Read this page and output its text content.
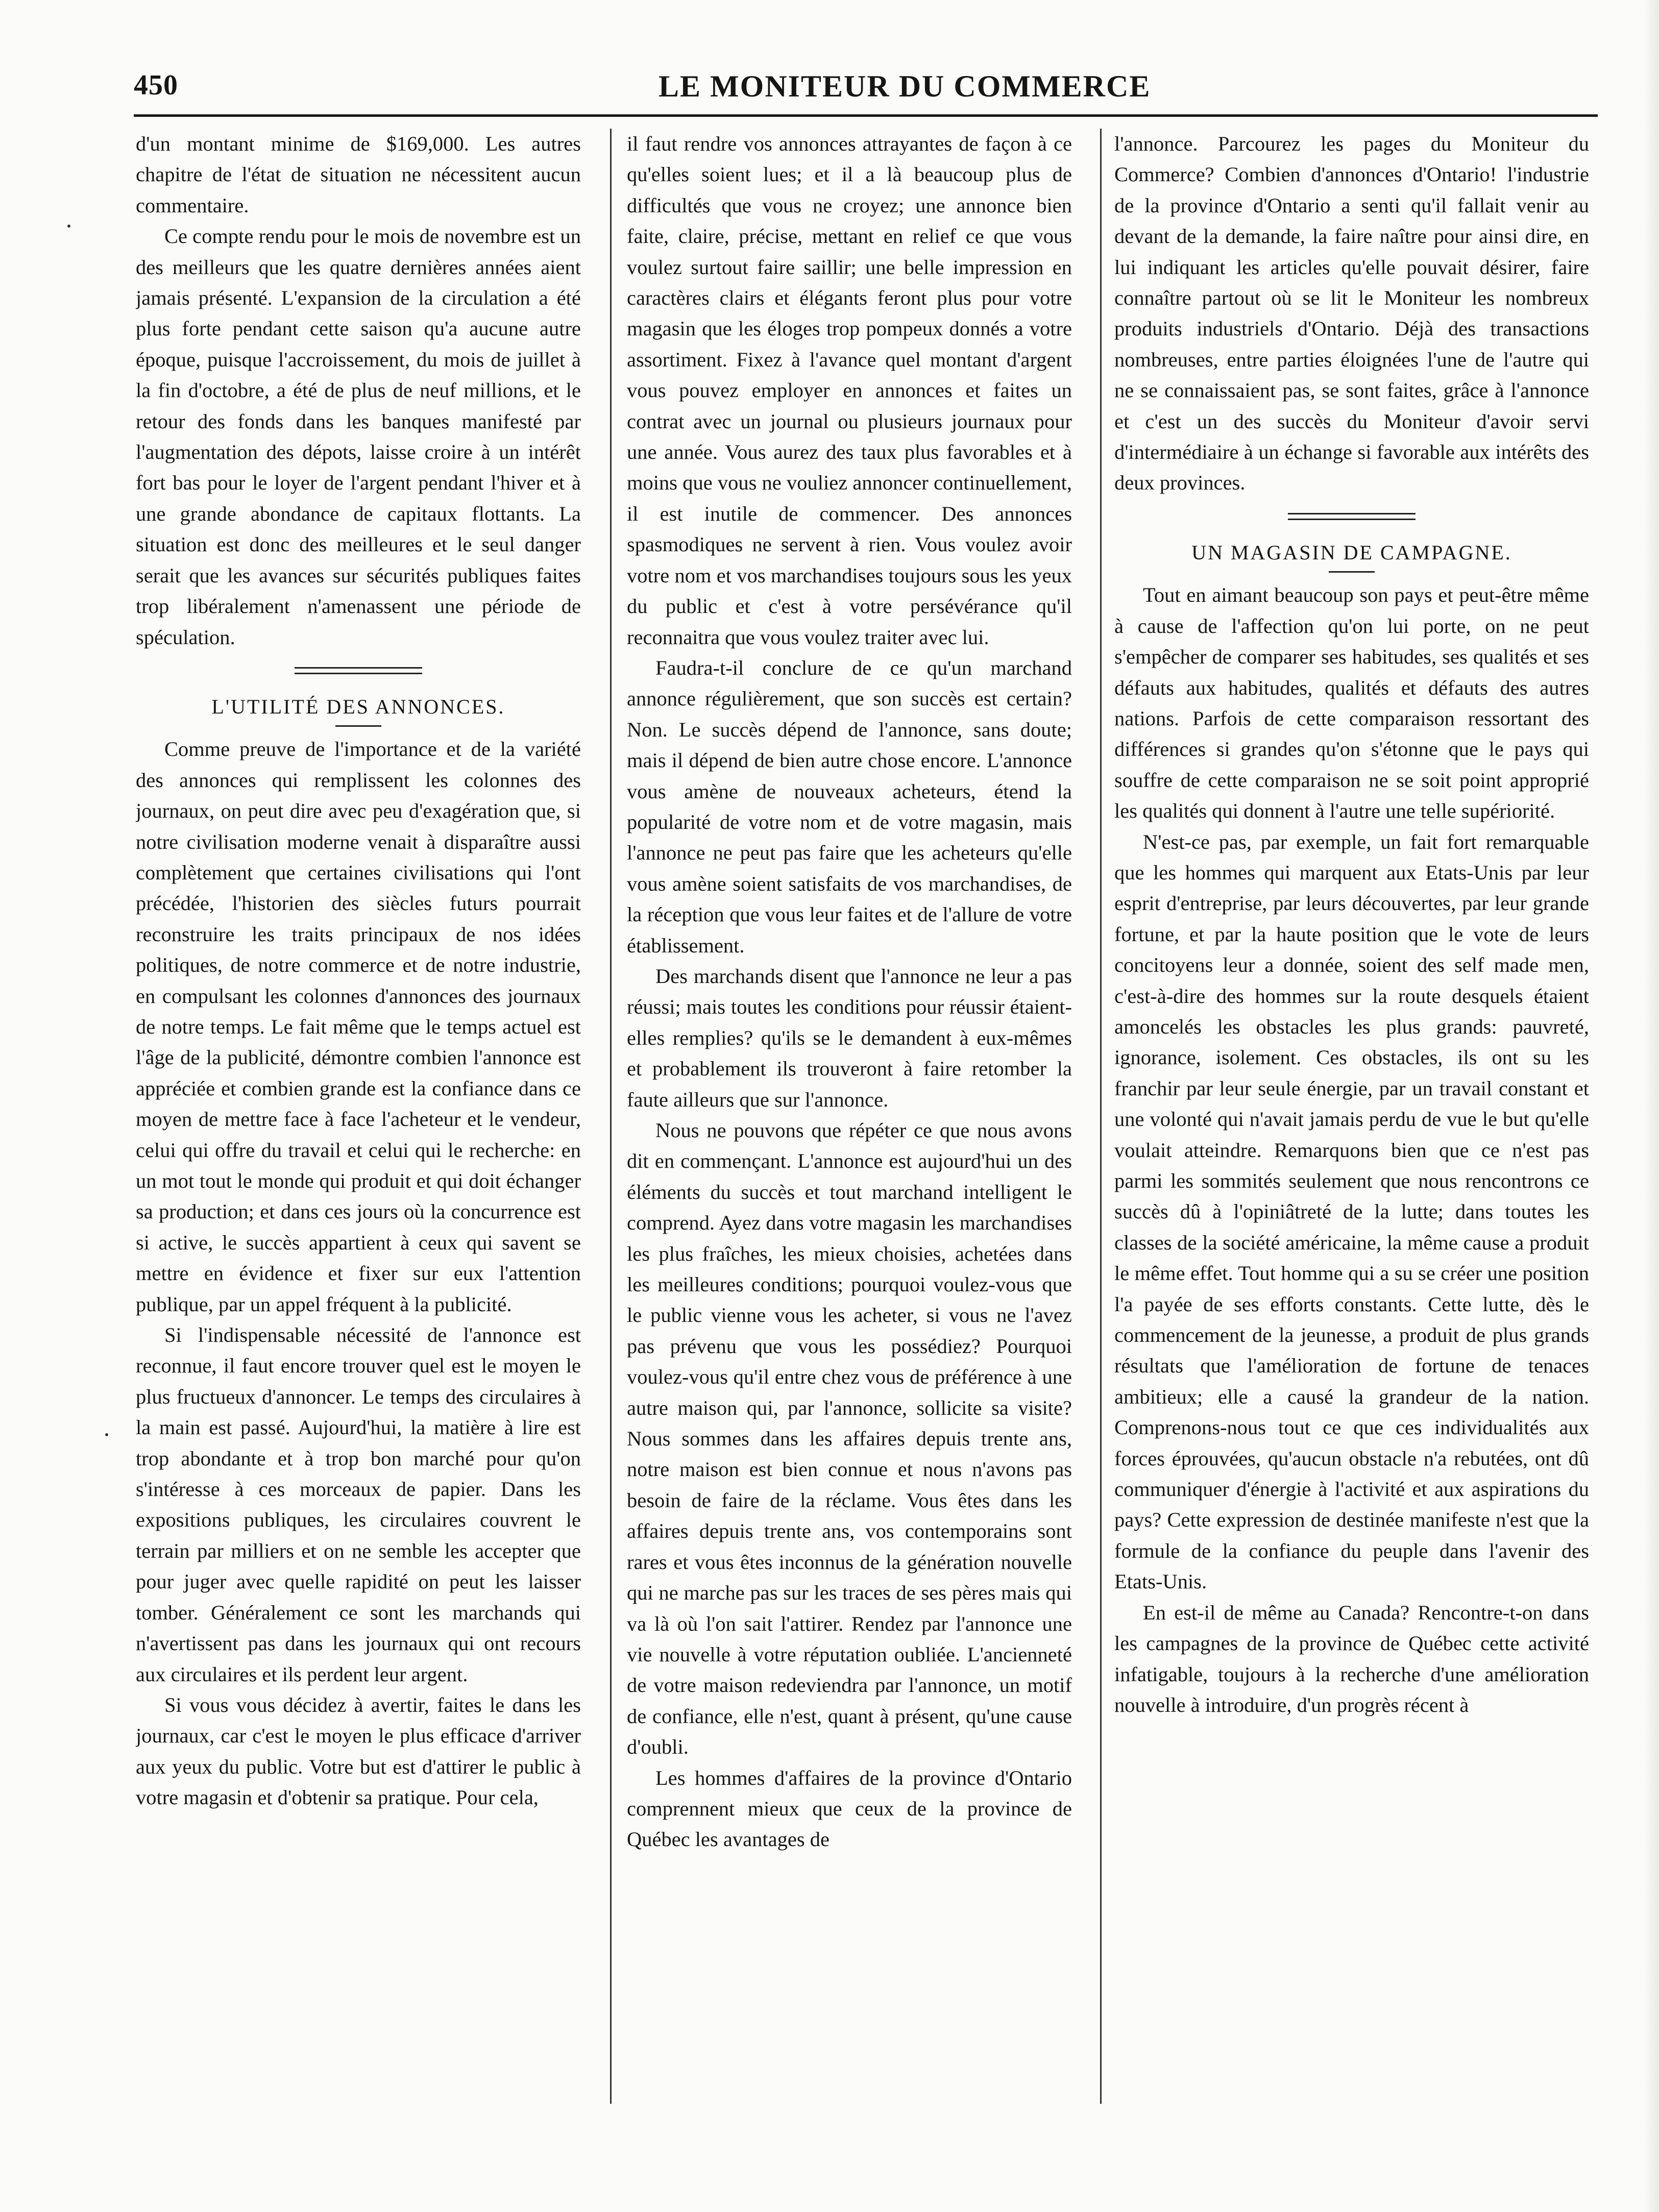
450	LE MONITEUR DU COMMERCE

d'un montant minime de $169,000. Les autres chapitre de l'état de situation ne nécessitent aucun commentaire.

Ce compte rendu pour le mois de novembre est un des meilleurs que les quatre dernières années aient jamais présenté. L'expansion de la circulation a été plus forte pendant cette saison qu'a aucune autre époque, puisque l'accroissement, du mois de juillet à la fin d'octobre, a été de plus de neuf millions, et le retour des fonds dans les banques manifesté par l'augmentation des dépots, laisse croire à un intérêt fort bas pour le loyer de l'argent pendant l'hiver et à une grande abondance de capitaux flottants. La situation est donc des meilleures et le seul danger serait que les avances sur sécurités publiques faites trop libéralement n'amenassent une période de spéculation.

L'UTILITÉ DES ANNONCES.

Comme preuve de l'importance et de la variété des annonces qui remplissent les colonnes des journaux, on peut dire avec peu d'exagération que, si notre civilisation moderne venait à disparaître aussi complètement que certaines civilisations qui l'ont précédée, l'historien des siècles futurs pourrait reconstruire les traits principaux de nos idées politiques, de notre commerce et de notre industrie, en compulsant les colonnes d'annonces des journaux de notre temps. Le fait même que le temps actuel est l'âge de la publicité, démontre combien l'annonce est appréciée et combien grande est la confiance dans ce moyen de mettre face à face l'acheteur et le vendeur, celui qui offre du travail et celui qui le recherche: en un mot tout le monde qui produit et qui doit échanger sa production; et dans ces jours où la concurrence est si active, le succès appartient à ceux qui savent se mettre en évidence et fixer sur eux l'attention publique, par un appel fréquent à la publicité.

Si l'indispensable nécessité de l'annonce est reconnue, il faut encore trouver quel est le moyen le plus fructueux d'annoncer. Le temps des circulaires à la main est passé. Aujourd'hui, la matière à lire est trop abondante et à trop bon marché pour qu'on s'intéresse à ces morceaux de papier. Dans les expositions publiques, les circulaires couvrent le terrain par milliers et on ne semble les accepter que pour juger avec quelle rapidité on peut les laisser tomber. Généralement ce sont les marchands qui n'avertissent pas dans les journaux qui ont recours aux circulaires et ils perdent leur argent.

Si vous vous décidez à avertir, faites le dans les journaux, car c'est le moyen le plus efficace d'arriver aux yeux du public. Votre but est d'attirer le public à votre magasin et d'obtenir sa pratique. Pour cela,

il faut rendre vos annonces attrayantes de façon à ce qu'elles soient lues; et il a là beaucoup plus de difficultés que vous ne croyez; une annonce bien faite, claire, précise, mettant en relief ce que vous voulez surtout faire saillir; une belle impression en caractères clairs et élégants feront plus pour votre magasin que les éloges trop pompeux donnés a votre assortiment. Fixez à l'avance quel montant d'argent vous pouvez employer en annonces et faites un contrat avec un journal ou plusieurs journaux pour une année. Vous aurez des taux plus favorables et à moins que vous ne vouliez annoncer continuellement, il est inutile de commencer. Des annonces spasmodiques ne servent à rien. Vous voulez avoir votre nom et vos marchandises toujours sous les yeux du public et c'est à votre persévérance qu'il reconnaitra que vous voulez traiter avec lui.

Faudra-t-il conclure de ce qu'un marchand annonce régulièrement, que son succès est certain? Non. Le succès dépend de l'annonce, sans doute; mais il dépend de bien autre chose encore. L'annonce vous amène de nouveaux acheteurs, étend la popularité de votre nom et de votre magasin, mais l'annonce ne peut pas faire que les acheteurs qu'elle vous amène soient satisfaits de vos marchandises, de la réception que vous leur faites et de l'allure de votre établissement.

Des marchands disent que l'annonce ne leur a pas réussi; mais toutes les conditions pour réussir étaient-elles remplies? qu'ils se le demandent à eux-mêmes et probablement ils trouveront à faire retomber la faute ailleurs que sur l'annonce.

Nous ne pouvons que répéter ce que nous avons dit en commençant. L'annonce est aujourd'hui un des éléments du succès et tout marchand intelligent le comprend. Ayez dans votre magasin les marchandises les plus fraîches, les mieux choisies, achetées dans les meilleures conditions; pourquoi voulez-vous que le public vienne vous les acheter, si vous ne l'avez pas prévenu que vous les possédiez? Pourquoi voulez-vous qu'il entre chez vous de préférence à une autre maison qui, par l'annonce, sollicite sa visite? Nous sommes dans les affaires depuis trente ans, notre maison est bien connue et nous n'avons pas besoin de faire de la réclame. Vous êtes dans les affaires depuis trente ans, vos contemporains sont rares et vous êtes inconnus de la génération nouvelle qui ne marche pas sur les traces de ses pères mais qui va là où l'on sait l'attirer. Rendez par l'annonce une vie nouvelle à votre réputation oubliée. L'ancienneté de votre maison redeviendra par l'annonce, un motif de confiance, elle n'est, quant à présent, qu'une cause d'oubli.

Les hommes d'affaires de la province d'Ontario comprennent mieux que ceux de la province de Québec les avantages de

l'annonce. Parcourez les pages du Moniteur du Commerce? Combien d'annonces d'Ontario! l'industrie de la province d'Ontario a senti qu'il fallait venir au devant de la demande, la faire naître pour ainsi dire, en lui indiquant les articles qu'elle pouvait désirer, faire connaître partout où se lit le Moniteur les nombreux produits industriels d'Ontario. Déjà des transactions nombreuses, entre parties éloignées l'une de l'autre qui ne se connaissaient pas, se sont faites, grâce à l'annonce et c'est un des succès du Moniteur d'avoir servi d'intermédiaire à un échange si favorable aux intérêts des deux provinces.

UN MAGASIN DE CAMPAGNE.

Tout en aimant beaucoup son pays et peut-être même à cause de l'affection qu'on lui porte, on ne peut s'empêcher de comparer ses habitudes, ses qualités et ses défauts aux habitudes, qualités et défauts des autres nations. Parfois de cette comparaison ressortant des différences si grandes qu'on s'étonne que le pays qui souffre de cette comparaison ne se soit point approprié les qualités qui donnent à l'autre une telle supériorité.

N'est-ce pas, par exemple, un fait fort remarquable que les hommes qui marquent aux Etats-Unis par leur esprit d'entreprise, par leurs découvertes, par leur grande fortune, et par la haute position que le vote de leurs concitoyens leur a donnée, soient des self made men, c'est-à-dire des hommes sur la route desquels étaient amoncelés les obstacles les plus grands: pauvreté, ignorance, isolement. Ces obstacles, ils ont su les franchir par leur seule énergie, par un travail constant et une volonté qui n'avait jamais perdu de vue le but qu'elle voulait atteindre. Remarquons bien que ce n'est pas parmi les sommités seulement que nous rencontrons ce succès dû à l'opiniâtreté de la lutte; dans toutes les classes de la société américaine, la même cause a produit le même effet. Tout homme qui a su se créer une position l'a payée de ses efforts constants. Cette lutte, dès le commencement de la jeunesse, a produit de plus grands résultats que l'amélioration de fortune de tenaces ambitieux; elle a causé la grandeur de la nation. Comprenons-nous tout ce que ces individualités aux forces éprouvées, qu'aucun obstacle n'a rebutées, ont dû communiquer d'énergie à l'activité et aux aspirations du pays? Cette expression de destinée manifeste n'est que la formule de la confiance du peuple dans l'avenir des Etats-Unis.

En est-il de même au Canada? Rencontre-t-on dans les campagnes de la province de Québec cette activité infatigable, toujours à la recherche d'une amélioration nouvelle à introduire, d'un progrès récent à
